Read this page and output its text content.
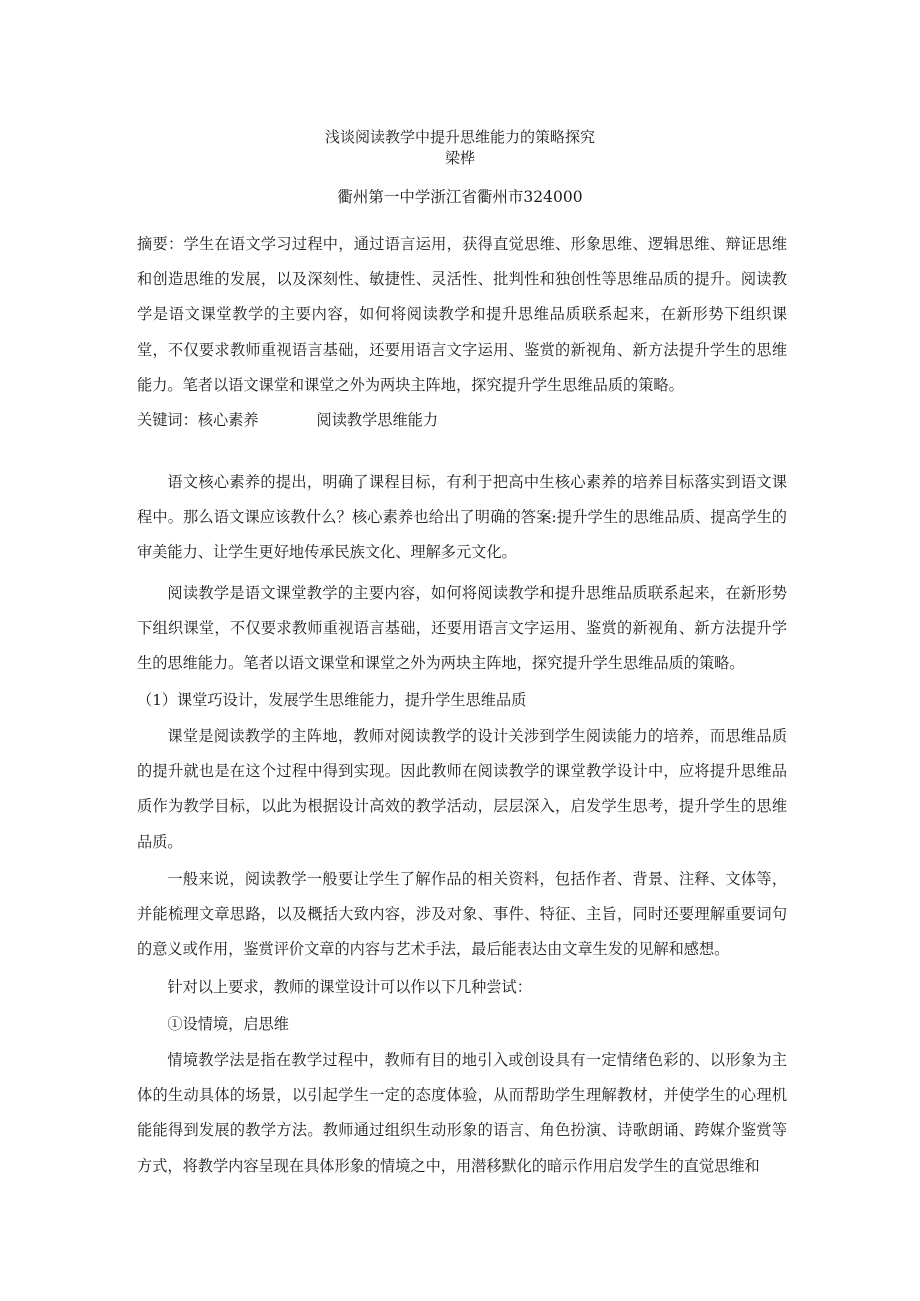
浅谈阅读教学中提升思维能力的策略探究
梁桦
衢州第一中学浙江省衢州市324000
摘要：学生在语文学习过程中，通过语言运用，获得直觉思维、形象思维、逻辑思维、辩证思维和创造思维的发展，以及深刻性、敏捷性、灵活性、批判性和独创性等思维品质的提升。阅读教学是语文课堂教学的主要内容，如何将阅读教学和提升思维品质联系起来，在新形势下组织课堂，不仅要求教师重视语言基础，还要用语言文字运用、鉴赏的新视角、新方法提升学生的思维能力。笔者以语文课堂和课堂之外为两块主阵地，探究提升学生思维品质的策略。
关键词：核心素养	阅读教学思维能力
语文核心素养的提出，明确了课程目标，有利于把高中生核心素养的培养目标落实到语文课程中。那么语文课应该教什么？核心素养也给出了明确的答案:提升学生的思维品质、提高学生的审美能力、让学生更好地传承民族文化、理解多元文化。
阅读教学是语文课堂教学的主要内容，如何将阅读教学和提升思维品质联系起来，在新形势下组织课堂，不仅要求教师重视语言基础，还要用语言文字运用、鉴赏的新视角、新方法提升学生的思维能力。笔者以语文课堂和课堂之外为两块主阵地，探究提升学生思维品质的策略。
（1）课堂巧设计，发展学生思维能力，提升学生思维品质
课堂是阅读教学的主阵地，教师对阅读教学的设计关涉到学生阅读能力的培养，而思维品质的提升就也是在这个过程中得到实现。因此教师在阅读教学的课堂教学设计中，应将提升思维品质作为教学目标，以此为根据设计高效的教学活动，层层深入，启发学生思考，提升学生的思维品质。
一般来说，阅读教学一般要让学生了解作品的相关资料，包括作者、背景、注释、文体等，并能梳理文章思路，以及概括大致内容，涉及对象、事件、特征、主旨，同时还要理解重要词句的意义或作用，鉴赏评价文章的内容与艺术手法，最后能表达由文章生发的见解和感想。
针对以上要求，教师的课堂设计可以作以下几种尝试：
①设情境，启思维
情境教学法是指在教学过程中，教师有目的地引入或创设具有一定情绪色彩的、以形象为主体的生动具体的场景，以引起学生一定的态度体验，从而帮助学生理解教材，并使学生的心理机能能得到发展的教学方法。教师通过组织生动形象的语言、角色扮演、诗歌朗诵、跨媒介鉴赏等方式，将教学内容呈现在具体形象的情境之中，用潜移默化的暗示作用启发学生的直觉思维和
